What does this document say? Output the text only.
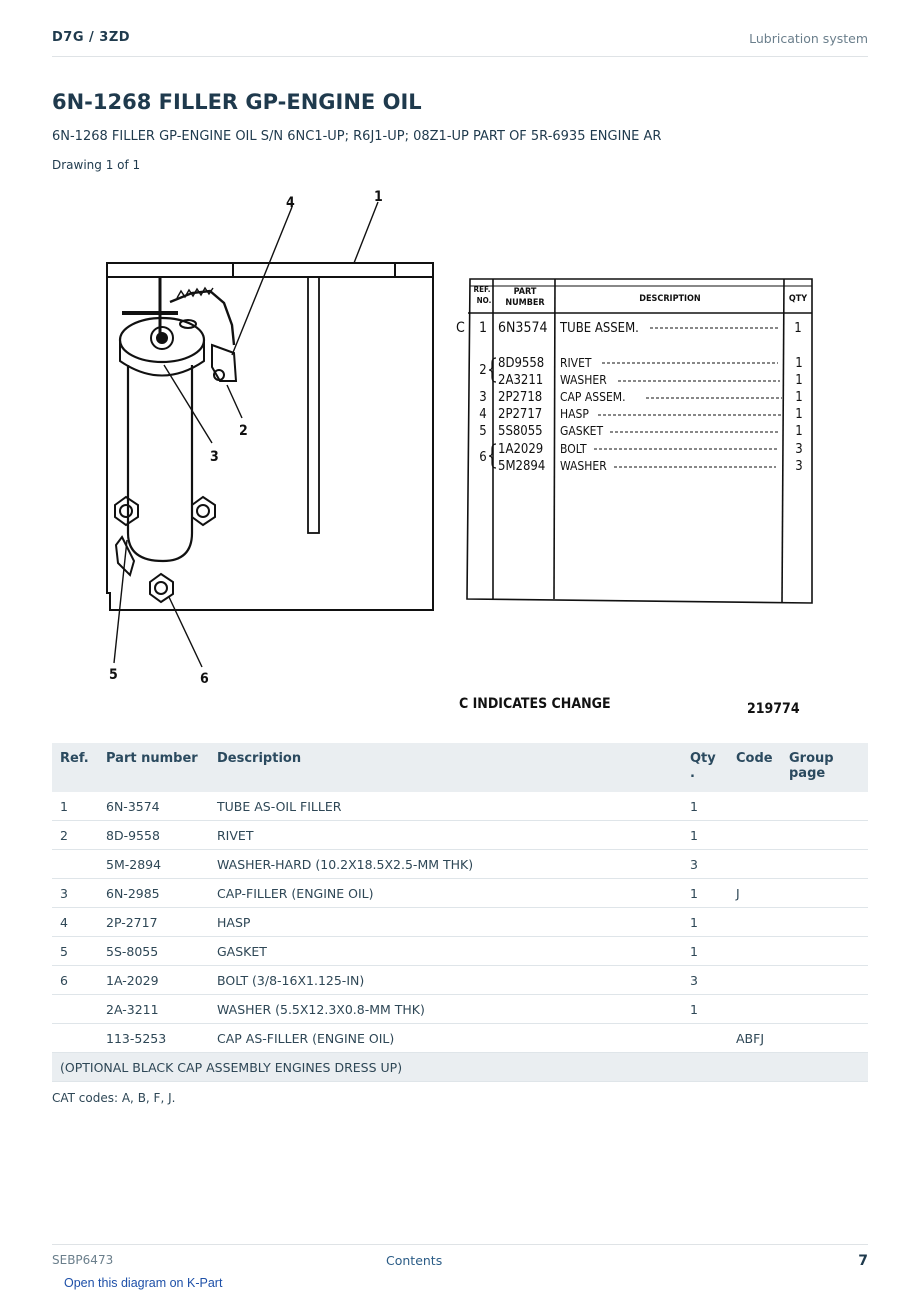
D7G / 3ZD	Lubrication system
6N-1268 FILLER GP-ENGINE OIL
6N-1268 FILLER GP-ENGINE OIL S/N 6NC1-UP; R6J1-UP; 08Z1-UP PART OF 5R-6935 ENGINE AR
Drawing 1 of 1
1
4
2
3
5	6
REF.
NO.
PART
NUMBER	DESCRIPTION	QTY
C 1 6N3574 TUBE ASSEM.	1
2 8D9558 RIVET	1
2A3211 WASHER	1
3 2P2718 CAP ASSEM.	1
4 2P2717 HASP	1
5 5S8055 GASKET	1
6
1A2029 BOLT	3
5M2894 WASHER	3
C INDICATES CHANGE	219774
Ref.	Part number	Description	Qty
.	Code	Group page
1	6N-3574	TUBE AS-OIL FILLER	1		
2	8D-9558	RIVET	1		
	5M-2894	WASHER-HARD (10.2X18.5X2.5-MM THK)	3		
3	6N-2985	CAP-FILLER (ENGINE OIL)	1	J	
4	2P-2717	HASP	1		
5	5S-8055	GASKET	1		
6	1A-2029	BOLT (3/8-16X1.125-IN)	3		
	2A-3211	WASHER (5.5X12.3X0.8-MM THK)	1		
	113-5253	CAP AS-FILLER (ENGINE OIL)		ABFJ	
(OPTIONAL BLACK CAP ASSEMBLY ENGINES DRESS UP)					
CAT codes: A, B, F, J.
SEBP6473	Contents	7
Open this diagram on K-Part
